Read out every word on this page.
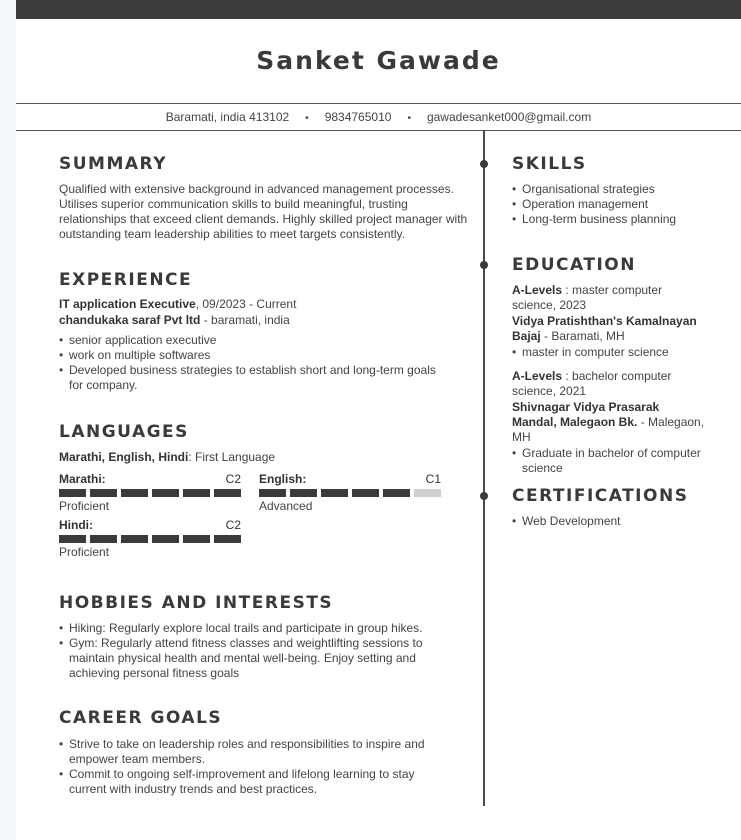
Sanket Gawade
Baramati, india 413102 • 9834765010 • gawadesanket000@gmail.com
SUMMARY
Qualified with extensive background in advanced management processes.
Utilises superior communication skills to build meaningful, trusting
relationships that exceed client demands. Highly skilled project manager with
outstanding team leadership abilities to meet targets consistently.
EXPERIENCE
IT application Executive, 09/2023 - Current
chandukaka saraf Pvt ltd - baramati, india
• senior application executive
• work on multiple softwares
• Developed business strategies to establish short and long-term goals for company.
LANGUAGES
Marathi, English, Hindi: First Language
Marathi:	C2
Proficient
English:	C1
Advanced
Hindi:	C2
Proficient
HOBBIES AND INTERESTS
• Hiking: Regularly explore local trails and participate in group hikes.
• Gym: Regularly attend fitness classes and weightlifting sessions to maintain physical health and mental well-being. Enjoy setting and achieving personal fitness goals
CAREER GOALS
• Strive to take on leadership roles and responsibilities to inspire and empower team members.
• Commit to ongoing self-improvement and lifelong learning to stay current with industry trends and best practices.
SKILLS
• Organisational strategies
• Operation management
• Long-term business planning
EDUCATION
A-Levels : master computer science, 2023
Vidya Pratishthan's Kamalnayan Bajaj - Baramati, MH
• master in computer science
A-Levels : bachelor computer science, 2021
Shivnagar Vidya Prasarak Mandal, Malegaon Bk. - Malegaon, MH
• Graduate in bachelor of computer science
CERTIFICATIONS
• Web Development
